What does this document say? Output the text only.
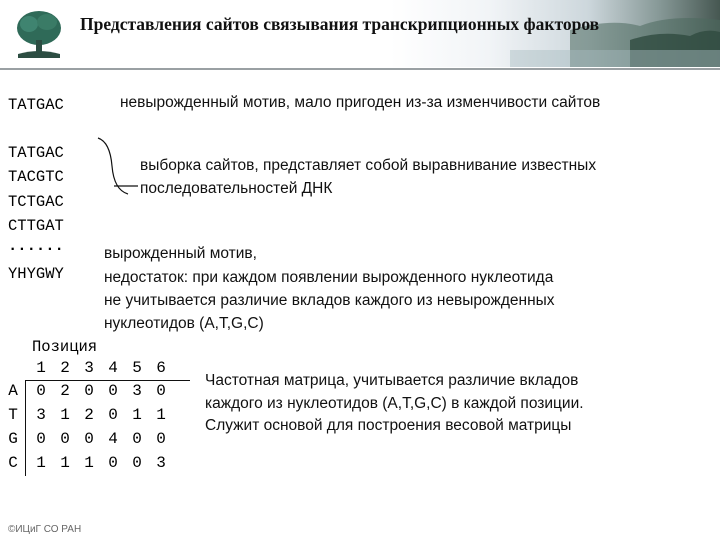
Представления сайтов связывания транскрипционных факторов
TATGAC	невырожденный мотив, мало пригоден из-за изменчивости сайтов
TATGAC
TACGTC
TCTGAC
CTTGAT
......
YHYGWY
выборка сайтов, представляет собой выравнивание известных
последовательностей ДНК
вырожденный мотив,
недостаток: при каждом появлении вырожденного нуклеотида
не учитывается различие вкладов каждого из невырожденных
нуклеотидов (A,T,G,C)
Позиция
1 2 3 4 5 6
A 0 2 0 0 3 0
T 3 1 2 0 1 1
G 0 0 0 4 0 0
C 1 1 1 0 0 3
Частотная матрица, учитывается различие вкладов
каждого из нуклеотидов (A,T,G,C) в каждой позиции.
Служит основой для построения весовой матрицы
©ИЦиГ СО РАН
